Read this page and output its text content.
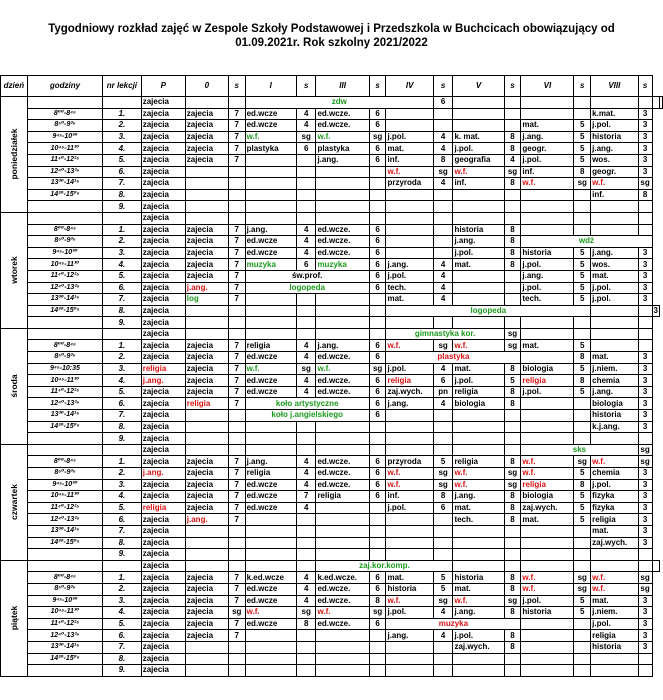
Tygodniowy rozkład zajęć w Zespole Szkoły Podstawowej i Przedszkola w Buchcicach obowiązujący od
01.09.2021r. Rok szkolny 2021/2022
dzień	godziny	nr lekcji	P	0	s	I	s	III	s	IV	s	V	s	VI	s	VIII	s		

poniedziałek			zajecia			zdw					6								
	8⁰⁰-8⁴⁵	1.	zajecia	zajecia	7	ed.wcze	4	ed.wcze.	6							k.mat.	3		
	8⁵⁰-9³⁵	2.	zajecia	zajecia	7	ed.wcze	4	ed.wcze.	6					mat.	5	j.pol.	3		
	9⁴⁵-10³⁰	3.	zajecia	zajecia	7	w.f.	sg	w.f.	sg	j.pol.	4	k. mat.	8	j.ang.	5	historia	3		
	10⁴⁵-11³⁰	4.	zajecia	zajecia	7	plastyka	6	plastyka	6	mat.	4	j.pol.	8	geogr.	5	j.ang.	3		
	11⁴⁰-12²⁵	5.	zajecia	zajecia	7			j.ang.	6	inf.	8	geografia	4	j.pol.	5	wos.	3		
	12⁴⁰-13²⁵	6.	zajecia							w.f.	sg	w.f.	sg	inf.	8	geogr.	3		
	13³⁰-14¹⁵	7.	zajecia							przyroda	4	inf.	8	w.f.	sg	w.f.	sg		
	14²⁰-15⁰⁵	8.	zajecia													inf.	8		
		9.	zajecia																

wtorek			zajecia																
	8⁰⁰-8⁴⁵	1.	zajecia	zajecia	7	j.ang.	4	ed.wcze.	6			historia	8						
	8⁵⁰-9³⁵	2.	zajecia	zajecia	7	ed.wcze	4	ed.wcze.	6			j.ang.	8	wdż					
	9⁴⁵-10³⁰	3.	zajecia	zajecia	7	ed.wcze	4	ed.wcze.	6			j.pol.	8	historia	5	j.ang.	3		
	10⁴⁵-11³⁰	4.	zajecia	zajecia	7	muzyka	6	muzyka	6	j.ang.	4	mat.	8	j.pol.	5	wos.	3		
	11⁴⁰-12²⁵	5.	zajecia	zajecia	7	św.prof.			6	j.pol.	4			j.ang.	5	mat.	3		
	12⁴⁰-13²⁵	6.	zajecia	j.ang.	7	logopeda			6	tech.	4			j.pol.	5	j.pol.	3		
	13³⁰-14¹⁵	7.	zajecia	log	7					mat.	4			tech.	5	j.pol.	3		
	14²⁰-15⁰⁵	8.	zajecia							logopeda								3	
		9.	zajecia																

środa			zajecia							gimnastyka kor.			sg						
	8⁰⁰-8⁴⁵	1.	zajecia	zajecia	7	religia	4	j.ang.	6	w.f.	sg	w.f.	sg	mat.	5				
	8⁵⁰-9³⁵	2.	zajecia	zajecia	7	ed.wcze	4	ed.wcze.	6	plastyka					8	mat.	3		
	9⁴⁵-10:35	3.	religia	zajecia	7	w.f.	sg	w.f.	sg	j.pol.	4	mat.	8	biologia	5	j.niem.	3		
	10⁴⁵-11³⁰	4.	j.ang.	zajecia	7	ed.wcze	4	ed.wcze.	6	religia	6	j.pol.	5	religia	8	chemia	3		
	11⁴⁰-12²⁵	5.	zajecia	zajecia	7	ed.wcze	4	ed.wcze.	6	zaj.wych.	pn	religia	8	j.pol.	5	j.ang.	3		
	12⁴⁰-13²⁵	6.	zajecia	religia	7	koło artystyczne			6	j.ang.	4	biologia	8			biologia	3		
	13³⁰-14¹⁵	7.	zajecia			koło j.angielskiego			6							historia	3		
	14²⁰-15⁰⁵	8.	zajecia													k.j.ang.	3		
		9.	zajecia																

czwartek			zajecia											sks			sg		
	8⁰⁰-8⁴⁵	1.	zajecia	zajecia	7	j.ang.	4	ed.wcze.	6	przyroda	5	religia	8	w.f.	sg	w.f.	sg		
	8⁵⁰-9³⁵	2.	j.ang.	zajecia	7	religia	4	ed.wcze.	6	w.f.	sg	w.f.	sg	w.f.	5	chemia	3		
	9⁴⁵-10³⁰	3.	zajecia	zajecia	7	ed.wcze	4	ed.wcze.	6	w.f.	sg	w.f.	sg	religia	8	j.pol.	3		
	10⁴⁵-11³⁰	4.	zajecia	zajecia	7	ed.wcze	7	religia	6	inf.	8	j.ang.	8	biologia	5	fizyka	3		
	11⁴⁰-12²⁵	5.	religia	zajecia	7	ed.wcze	4			j.pol.	6	mat.	8	zaj.wych.	5	fizyka	3		
	12⁴⁰-13²⁵	6.	zajecia	j.ang.	7							tech.	8	mat.	5	religia	3		
	13³⁰-14¹⁵	7.	zajecia													mat.	3		
	14²⁰-15⁰⁵	8.	zajecia													zaj.wych.	3		
		9.	zajecia																

piątek			zajecia					zaj.kor.komp.											
	8⁰⁰-8⁴⁵	1.	zajecia	zajecia	7	k.ed.wcze	4	k.ed.wcze.	6	mat.	5	historia	8	w.f.	sg	w.f.	sg		
	8⁵⁰-9³⁵	2.	zajecia	zajecia	7	ed.wcze	4	ed.wcze.	6	historia	5	mat.	8	w.f.	sg	w.f.	sg		
	9⁴⁵-10³⁰	3.	zajecia	zajecia	7	ed.wcze	4	ed.wcze.	8	w.f.	sg	w.f.	sg	j.pol.	5	mat.	3		
	10⁴⁵-11³⁰	4.	zajecia	zajecia	sg	w.f.	sg	w.f.	sg	j.pol.	4	j.ang.	8	historia	5	j.niem.	3		
	11⁴⁰-12²⁵	5.	zajecia	zajecia	7	ed.wcze	8	ed.wcze.	6	muzyka						j.pol.	3		
	12⁴⁰-13²⁵	6.	zajecia	zajecia	7					j.ang.	4	j.pol.	8			religia	3		
	13³⁰-14¹⁵	7.	zajecia									zaj.wych.	8			historia	3		
	14²⁰-15⁰⁵	8.	zajecia																
		9.	zajecia																
